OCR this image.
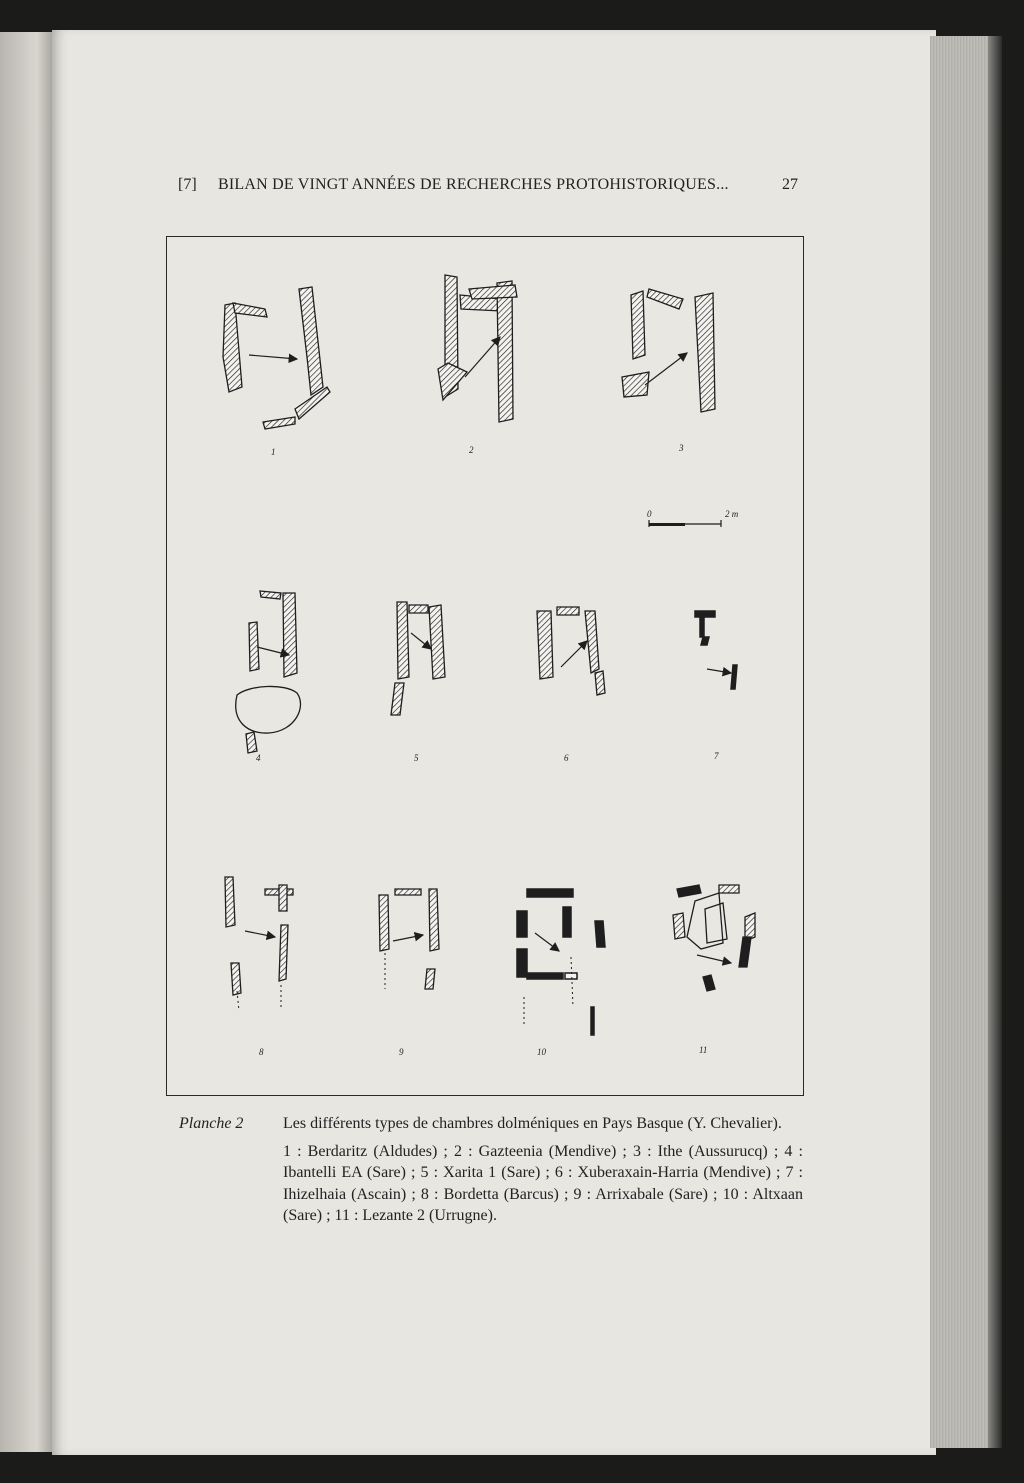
[7] BILAN DE VINGT ANNÉES DE RECHERCHES PROTOHISTORIQUES...	27
0	2 m
1	2	3
4	5	6	7
8	9	10	11
Planche 2	Les différents types de chambres dolméniques en Pays Basque (Y. Chevalier).

1 : Berdaritz (Aldudes) ; 2 : Gazteenia (Mendive) ; 3 : Ithe (Aussurucq) ; 4 : Ibantelli EA (Sare) ; 5 : Xarita 1 (Sare) ; 6 : Xuberaxain-Harria (Mendive) ; 7 : Ihizelhaia (Ascain) ; 8 : Bordetta (Barcus) ; 9 : Arrixabale (Sare) ; 10 : Altxaan (Sare) ; 11 : Lezante 2 (Urrugne).
